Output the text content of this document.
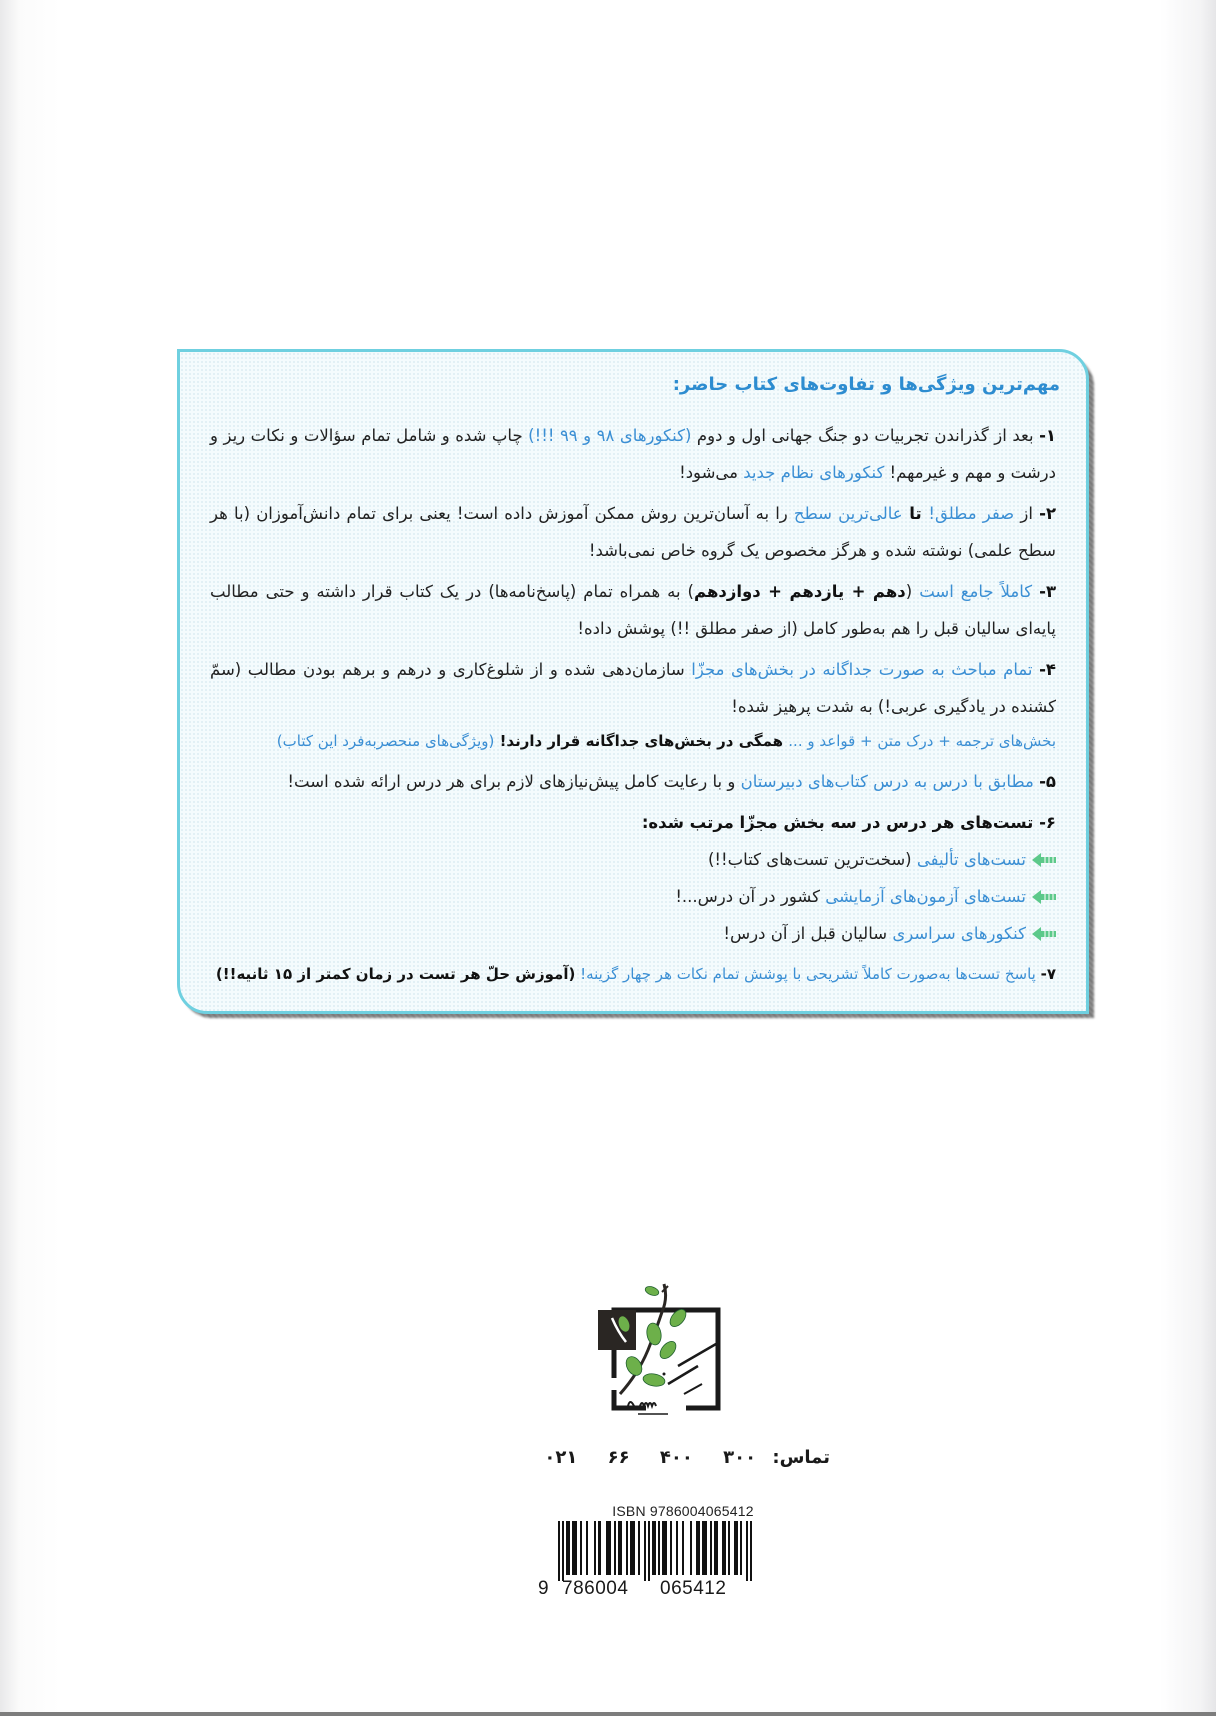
مهم‌ترین ویژگی‌ها و تفاوت‌های کتاب حاضر:
۱- بعد از گذراندن تجربیات دو جنگ جهانی اول و دوم (کنکورهای ۹۸ و ۹۹ !!!) چاپ شده و شامل تمام سؤالات و نکات ریز و درشت و مهم و غیرمهم! کنکورهای نظام جدید می‌شود!
۲- از صفر مطلق! تا عالی‌ترین سطح را به آسان‌ترین روش ممکن آموزش داده است! یعنی برای تمام دانش‌آموزان (با هر سطح علمی) نوشته شده و هرگز مخصوص یک گروه خاص نمی‌باشد!
۳- کاملاً جامع است (دهم + یازدهم + دوازدهم) به همراه تمام (پاسخ‌نامه‌ها) در یک کتاب قرار داشته و حتی مطالب پایه‌ای سالیان قبل را هم به‌طور کامل (از صفر مطلق !!) پوشش داده!
۴- تمام مباحث به صورت جداگانه در بخش‌های مجزّا سازمان‌دهی شده و از شلوغ‌کاری و درهم و برهم بودن مطالب (سمّ کشنده در یادگیری عربی!) به شدت پرهیز شده!
بخش‌های ترجمه + درک متن + قواعد و ... همگی در بخش‌های جداگانه قرار دارند! (ویژگی‌های منحصربه‌فرد این کتاب)
۵- مطابق با درس به درس کتاب‌های دبیرستان و با رعایت کامل پیش‌نیازهای لازم برای هر درس ارائه شده است!
۶- تست‌های هر درس در سه بخش مجزّا مرتب شده:
تست‌های تألیفی (سخت‌ترین تست‌های کتاب!!)
تست‌های آزمون‌های آزمایشی کشور در آن درس...!
کنکورهای سراسری سالیان قبل از آن درس!
۷- پاسخ تست‌ها به‌صورت کاملاً تشریحی با پوشش تمام نکات هر چهار گزینه! (آموزش حلّ هر تست در زمان کمتر از ۱۵ ثانیه!!)
تماس: ۳۰۰ ۴۰۰ ۶۶ ۰۲۱
ISBN 9786004065412
9 786004 065412
